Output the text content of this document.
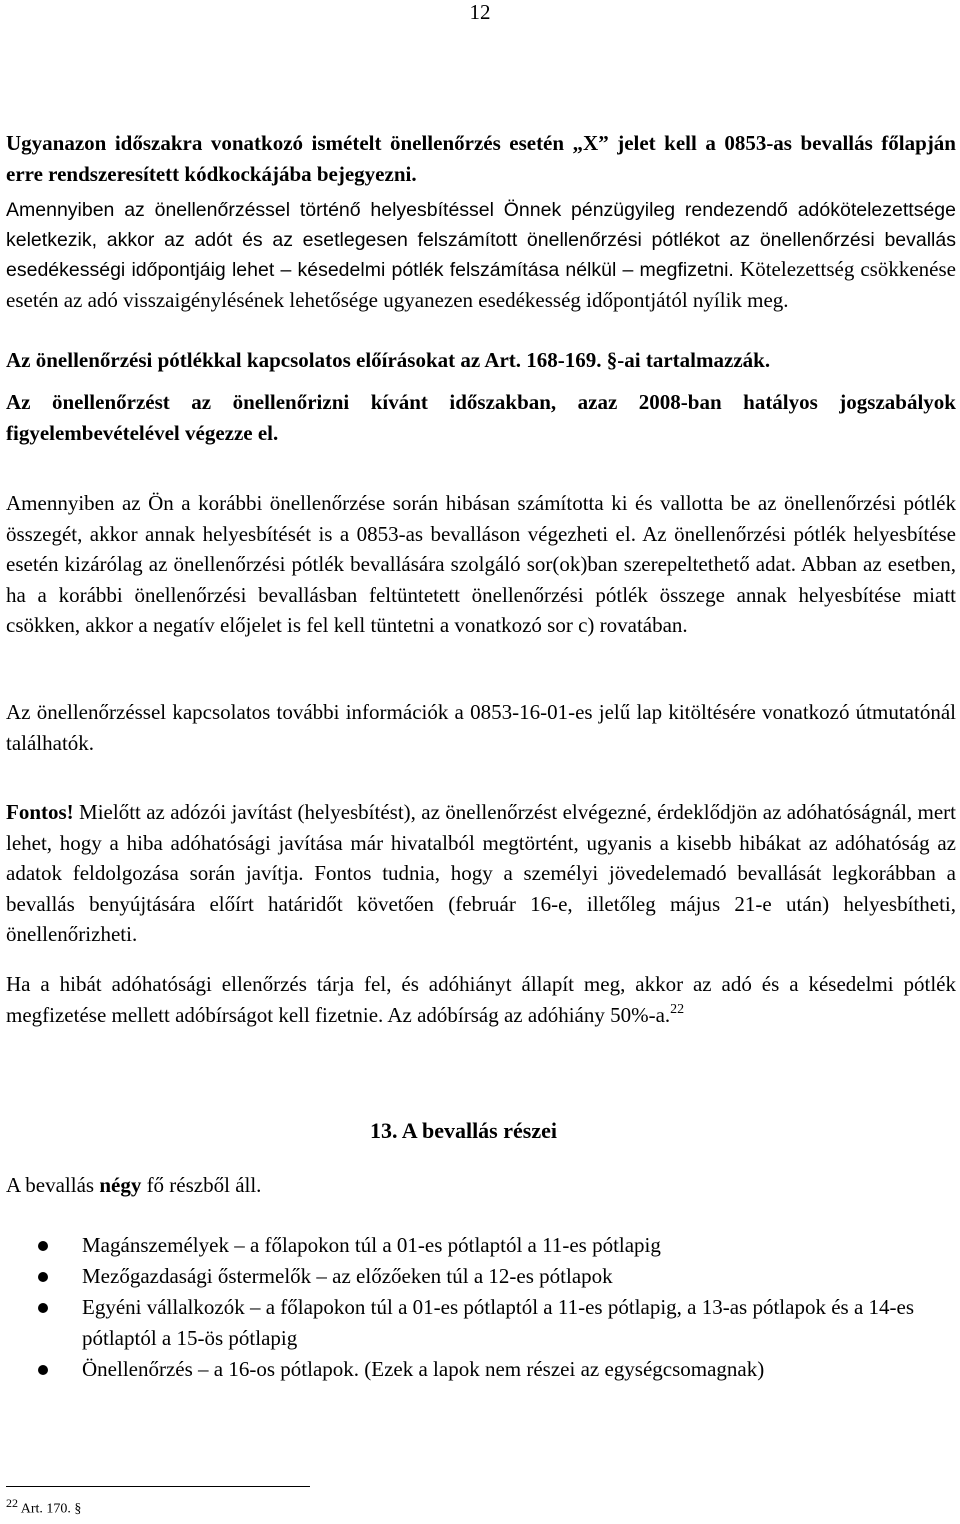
12
Ugyanazon időszakra vonatkozó ismételt önellenőrzés esetén „X” jelet kell a 0853-as bevallás főlapján erre rendszeresített kódkockájába bejegyezni.
Amennyiben az önellenőrzéssel történő helyesbítéssel Önnek pénzügyileg rendezendő adókötelezettsége keletkezik, akkor az adót és az esetlegesen felszámított önellenőrzési pótlékot az önellenőrzési bevallás esedékességi időpontjáig lehet – késedelmi pótlék felszámítása nélkül – megfizetni. Kötelezettség csökkenése esetén az adó visszaigénylésének lehetősége ugyanezen esedékesség időpontjától nyílik meg.
Az önellenőrzési pótlékkal kapcsolatos előírásokat az Art. 168-169. §-ai tartalmazzák.
Az önellenőrzést az önellenőrizni kívánt időszakban, azaz 2008-ban hatályos jogszabályok figyelembevételével végezze el.
Amennyiben az Ön a korábbi önellenőrzése során hibásan számította ki és vallotta be az önellenőrzési pótlék összegét, akkor annak helyesbítését is a 0853-as bevalláson végezheti el. Az önellenőrzési pótlék helyesbítése esetén kizárólag az önellenőrzési pótlék bevallására szolgáló sor(ok)ban szerepeltethető adat. Abban az esetben, ha a korábbi önellenőrzési bevallásban feltüntetett önellenőrzési pótlék összege annak helyesbítése miatt csökken, akkor a negatív előjelet is fel kell tüntetni a vonatkozó sor c) rovatában.
Az önellenőrzéssel kapcsolatos további információk a 0853-16-01-es jelű lap kitöltésére vonatkozó útmutatónál találhatók.
Fontos! Mielőtt az adózói javítást (helyesbítést), az önellenőrzést elvégezné, érdeklődjön az adóhatóságnál, mert lehet, hogy a hiba adóhatósági javítása már hivatalból megtörtént, ugyanis a kisebb hibákat az adóhatóság az adatok feldolgozása során javítja. Fontos tudnia, hogy a személyi jövedelemadó bevallását legkorábban a bevallás benyújtására előírt határidőt követően (február 16-e, illetőleg május 21-e után) helyesbítheti, önellenőrizheti.
Ha a hibát adóhatósági ellenőrzés tárja fel, és adóhiányt állapít meg, akkor az adó és a késedelmi pótlék megfizetése mellett adóbírságot kell fizetnie. Az adóbírság az adóhiány 50%-a.$^{22}$
13. A bevallás részei
A bevallás négy fő részből áll.
Magánszemélyek – a főlapokon túl a 01-es pótlaptól a 11-es pótlapig
Mezőgazdasági őstermelők – az előzőeken túl a 12-es pótlapok
Egyéni vállalkozók – a főlapokon túl a 01-es pótlaptól a 11-es pótlapig, a 13-as pótlapok és a 14-es pótlaptól a 15-ös pótlapig
Önellenőrzés – a 16-os pótlapok. (Ezek a lapok nem részei az egységcsomagnak)
$^{22}$ Art. 170. §
